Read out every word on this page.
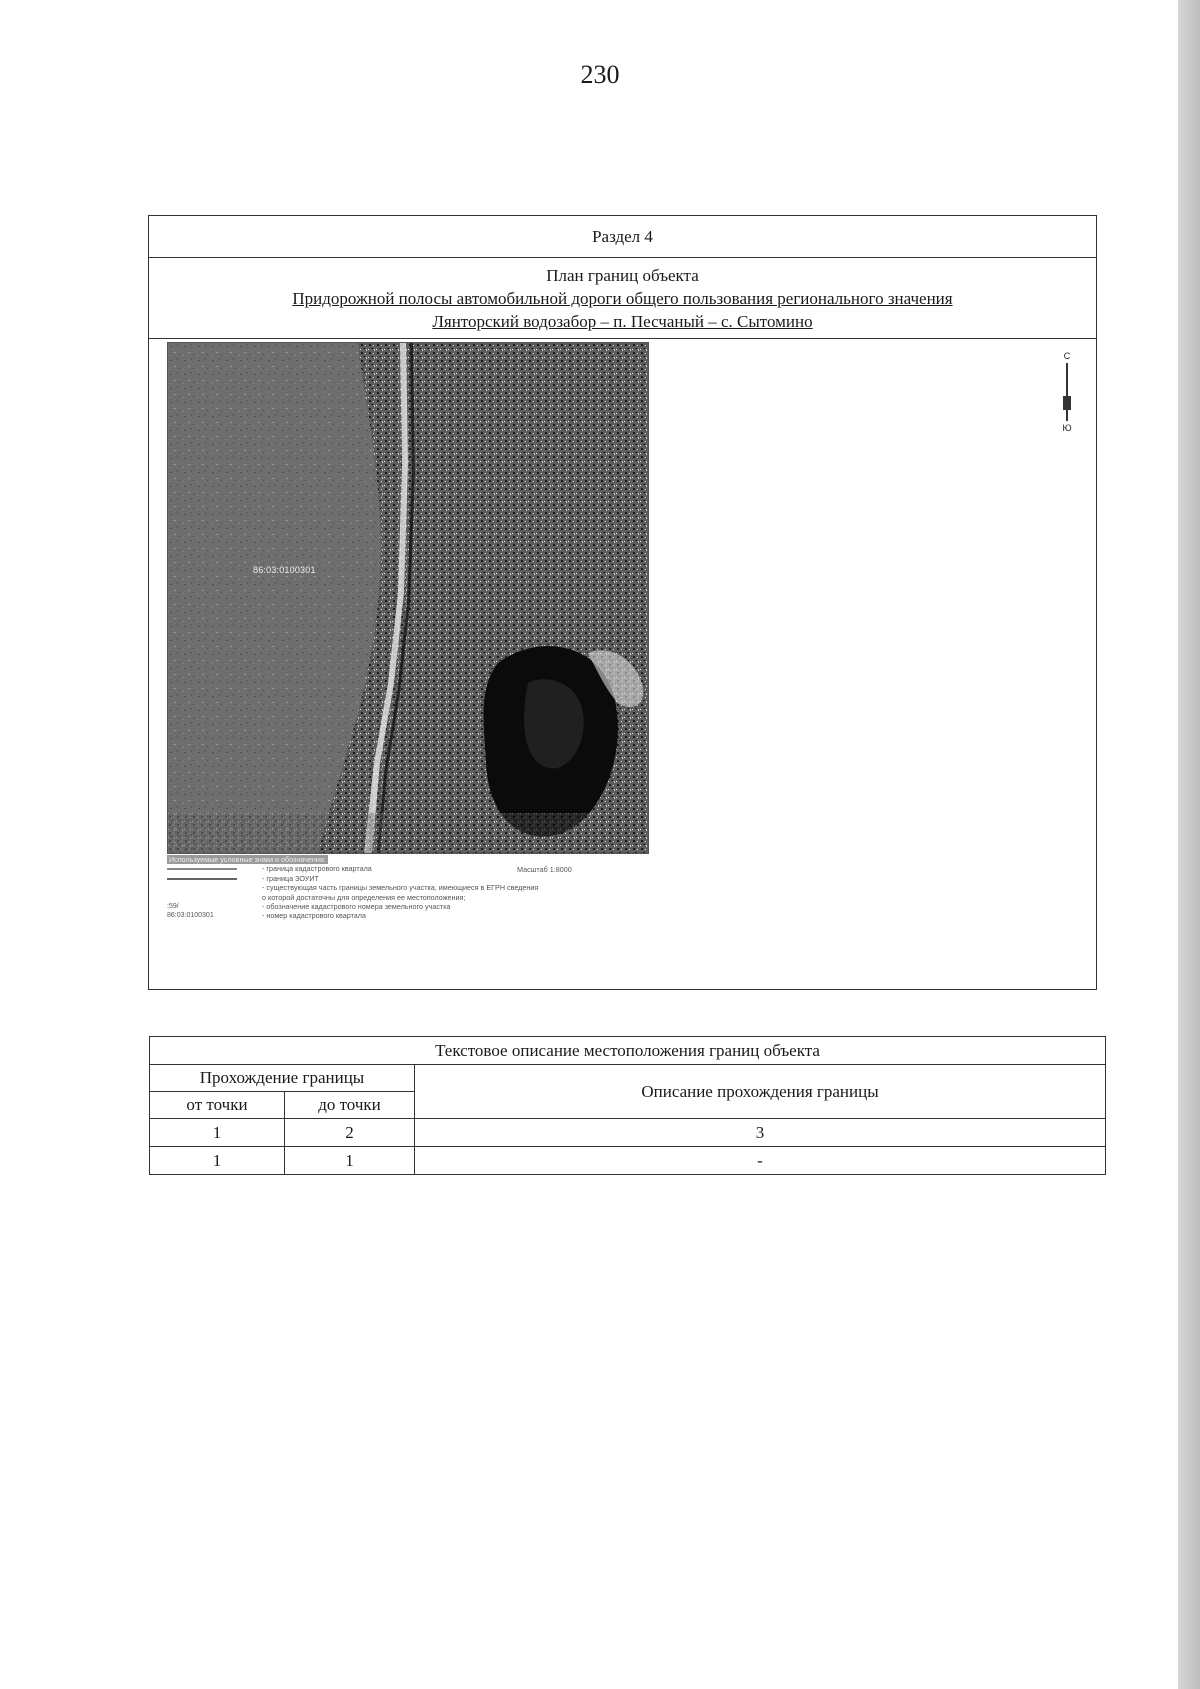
230
Раздел 4
План границ объекта
Придорожной полосы автомобильной дороги общего пользования регионального значения
Лянторский водозабор – п. Песчаный – с. Сытомино
86:03:0100301
С
Ю
Используемые условные знаки и обозначения:
- граница кадастрового квартала
- граница ЗОУИТ
- существующая часть границы земельного участка, имеющиеся в ЕГРН сведения
о которой достаточны для определения ее местоположения;
:59/	- обозначение кадастрового номера земельного участка
86:03:0100301	- номер кадастрового квартала
Масштаб 1:8000
Текстовое описание местоположения границ объекта		
Прохождение границы		Описание прохождения границы
от точки	до точки	
1	2	3
1	1	-
